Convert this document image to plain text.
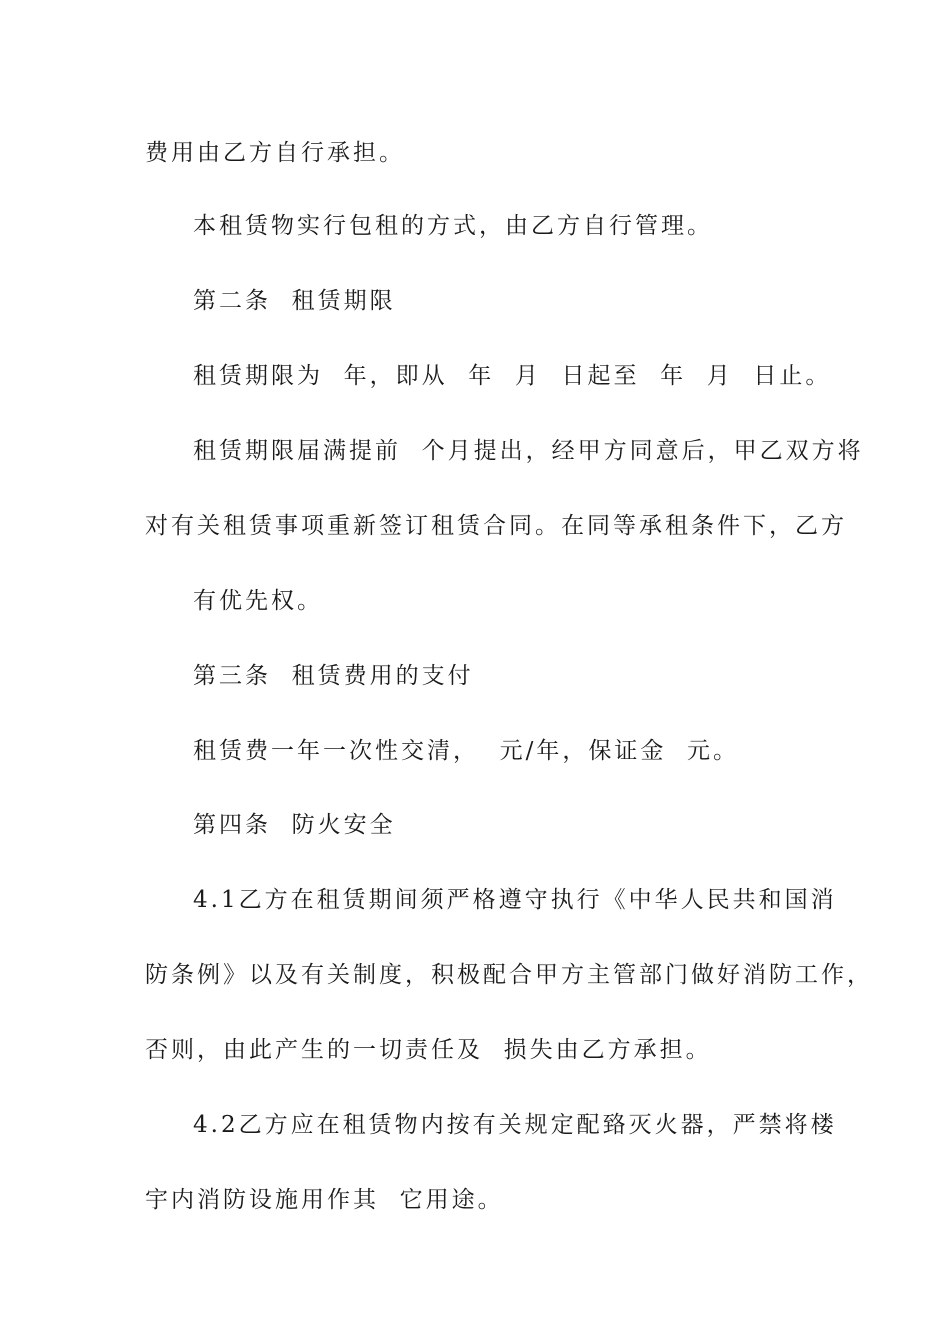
费用由乙方自行承担。
本租赁物实行包租的方式，由乙方自行管理。
第二条  租赁期限
租赁期限为  年，即从  年  月  日起至  年  月  日止。
租赁期限届满提前  个月提出，经甲方同意后，甲乙双方将
对有关租赁事项重新签订租赁合同。在同等承租条件下，乙方
有优先权。
第三条  租赁费用的支付
租赁费一年一次性交清，  元/年，保证金  元。
第四条  防火安全
4.1乙方在租赁期间须严格遵守执行《中华人民共和国消
防条例》以及有关制度，积极配合甲方主管部门做好消防工作，
否则，由此产生的一切责任及  损失由乙方承担。
4.2乙方应在租赁物内按有关规定配臵灭火器，严禁将楼
宇内消防设施用作其  它用途。
